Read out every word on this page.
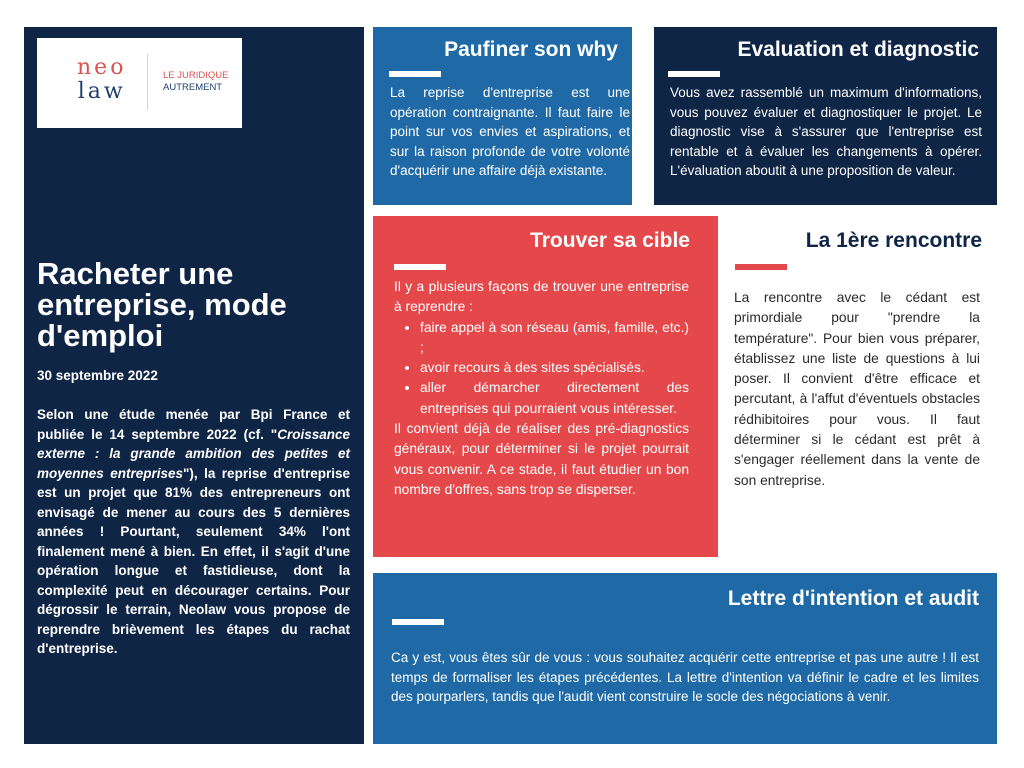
neo
law
LE JURIDIQUE
AUTREMENT
Racheter une entreprise, mode d'emploi
30 septembre 2022
Selon une étude menée par Bpi France et publiée le 14 septembre 2022 (cf. "Croissance externe : la grande ambition des petites et moyennes entreprises"), la reprise d'entreprise est un projet que 81% des entrepreneurs ont envisagé de mener au cours des 5 dernières années ! Pourtant, seulement 34% l'ont finalement mené à bien. En effet, il s'agit d'une opération longue et fastidieuse, dont la complexité peut en décourager certains. Pour dégrossir le terrain, Neolaw vous propose de reprendre brièvement les étapes du rachat d'entreprise.
Paufiner son why
La reprise d'entreprise est une opération contraignante. Il faut faire le point sur vos envies et aspirations, et sur la raison profonde de votre volonté d'acquérir une affaire déjà existante.
Evaluation et diagnostic
Vous avez rassemblé un maximum d'informations, vous pouvez évaluer et diagnostiquer le projet. Le diagnostic vise à s'assurer que l'entreprise est rentable et à évaluer les changements à opérer. L'évaluation aboutit à une proposition de valeur.
Trouver sa cible
Il y a plusieurs façons de trouver une entreprise à reprendre :
• faire appel à son réseau (amis, famille, etc.) ;
• avoir recours à des sites spécialisés.
• aller démarcher directement des entreprises qui pourraient vous intéresser.
Il convient déjà de réaliser des pré-diagnostics généraux, pour déterminer si le projet pourrait vous convenir. A ce stade, il faut étudier un bon nombre d'offres, sans trop se disperser.
La 1ère rencontre
La rencontre avec le cédant est primordiale pour "prendre la température". Pour bien vous préparer, établissez une liste de questions à lui poser. Il convient d'être efficace et percutant, à l'affut d'éventuels obstacles rédhibitoires pour vous. Il faut déterminer si le cédant est prêt à s'engager réellement dans la vente de son entreprise.
Lettre d'intention et audit
Ca y est, vous êtes sûr de vous : vous souhaitez acquérir cette entreprise et pas une autre ! Il est temps de formaliser les étapes précédentes. La lettre d'intention va définir le cadre et les limites des pourparlers, tandis que l'audit vient construire le socle des négociations à venir.
